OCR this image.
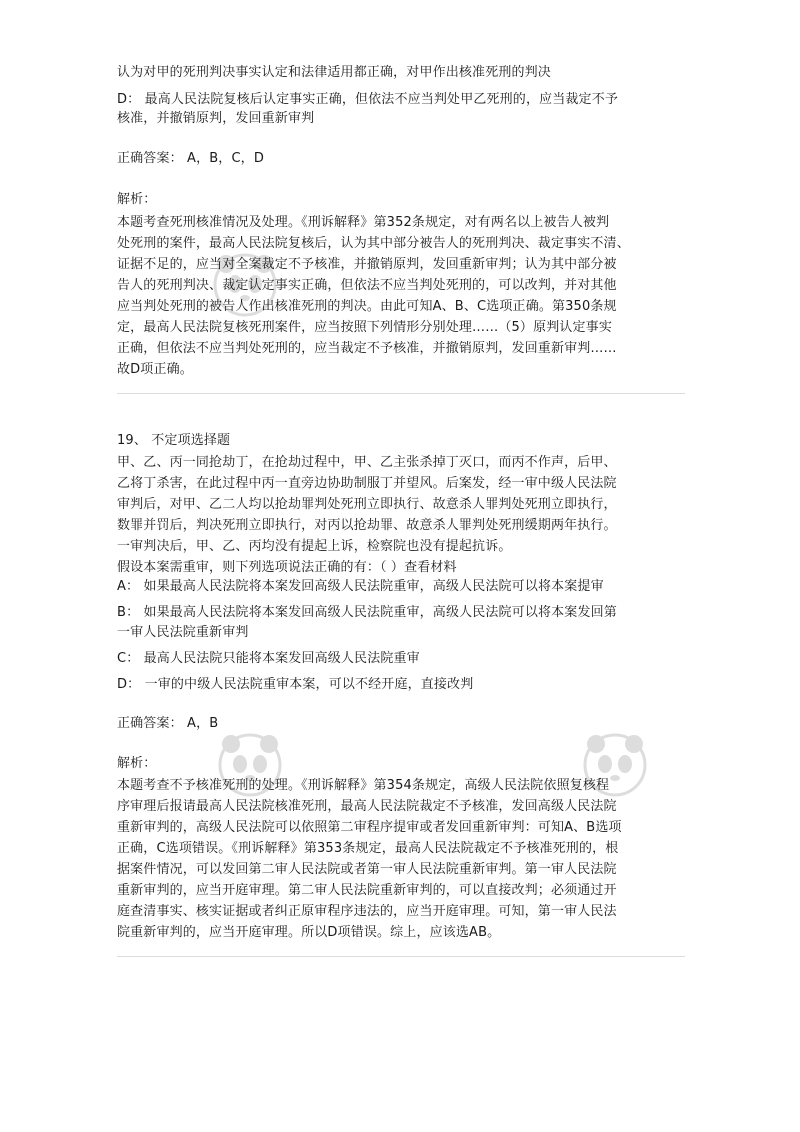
认为对甲的死刑判决事实认定和法律适用都正确，对甲作出核准死刑的判决
D： 最高人民法院复核后认定事实正确，但依法不应当判处甲乙死刑的，应当裁定不予
核准，并撤销原判，发回重新审判
正确答案： A，B，C，D
解析：
本题考查死刑核准情况及处理。《刑诉解释》第352条规定，对有两名以上被告人被判
处死刑的案件，最高人民法院复核后，认为其中部分被告人的死刑判决、裁定事实不清、
证据不足的，应当对全案裁定不予核准，并撤销原判，发回重新审判；认为其中部分被
告人的死刑判决、裁定认定事实正确，但依法不应当判处死刑的，可以改判，并对其他
应当判处死刑的被告人作出核准死刑的判决。由此可知A、B、C选项正确。第350条规
定，最高人民法院复核死刑案件，应当按照下列情形分别处理……（5）原判认定事实
正确，但依法不应当判处死刑的，应当裁定不予核准，并撤销原判，发回重新审判……
故D项正确。
19、 不定项选择题
甲、乙、丙一同抢劫丁，在抢劫过程中，甲、乙主张杀掉丁灭口，而丙不作声，后甲、
乙将丁杀害，在此过程中丙一直旁边协助制服丁并望风。后案发，经一审中级人民法院
审判后，对甲、乙二人均以抢劫罪判处死刑立即执行、故意杀人罪判处死刑立即执行，
数罪并罚后，判决死刑立即执行，对丙以抢劫罪、故意杀人罪判处死刑缓期两年执行。
一审判决后，甲、乙、丙均没有提起上诉，检察院也没有提起抗诉。
假设本案需重审，则下列选项说法正确的有：（ ）查看材料
A： 如果最高人民法院将本案发回高级人民法院重审，高级人民法院可以将本案提审
B： 如果最高人民法院将本案发回高级人民法院重审，高级人民法院可以将本案发回第
一审人民法院重新审判
C： 最高人民法院只能将本案发回高级人民法院重审
D： 一审的中级人民法院重审本案，可以不经开庭，直接改判
正确答案： A，B
解析：
本题考查不予核准死刑的处理。《刑诉解释》第354条规定，高级人民法院依照复核程
序审理后报请最高人民法院核准死刑，最高人民法院裁定不予核准，发回高级人民法院
重新审判的，高级人民法院可以依照第二审程序提审或者发回重新审判：可知A、B选项
正确，C选项错误。《刑诉解释》第353条规定，最高人民法院裁定不予核准死刑的，根
据案件情况，可以发回第二审人民法院或者第一审人民法院重新审判。第一审人民法院
重新审判的，应当开庭审理。第二审人民法院重新审判的，可以直接改判；必须通过开
庭查清事实、核实证据或者纠正原审程序违法的，应当开庭审理。可知，第一审人民法
院重新审判的，应当开庭审理。所以D项错误。综上，应该选AB。
